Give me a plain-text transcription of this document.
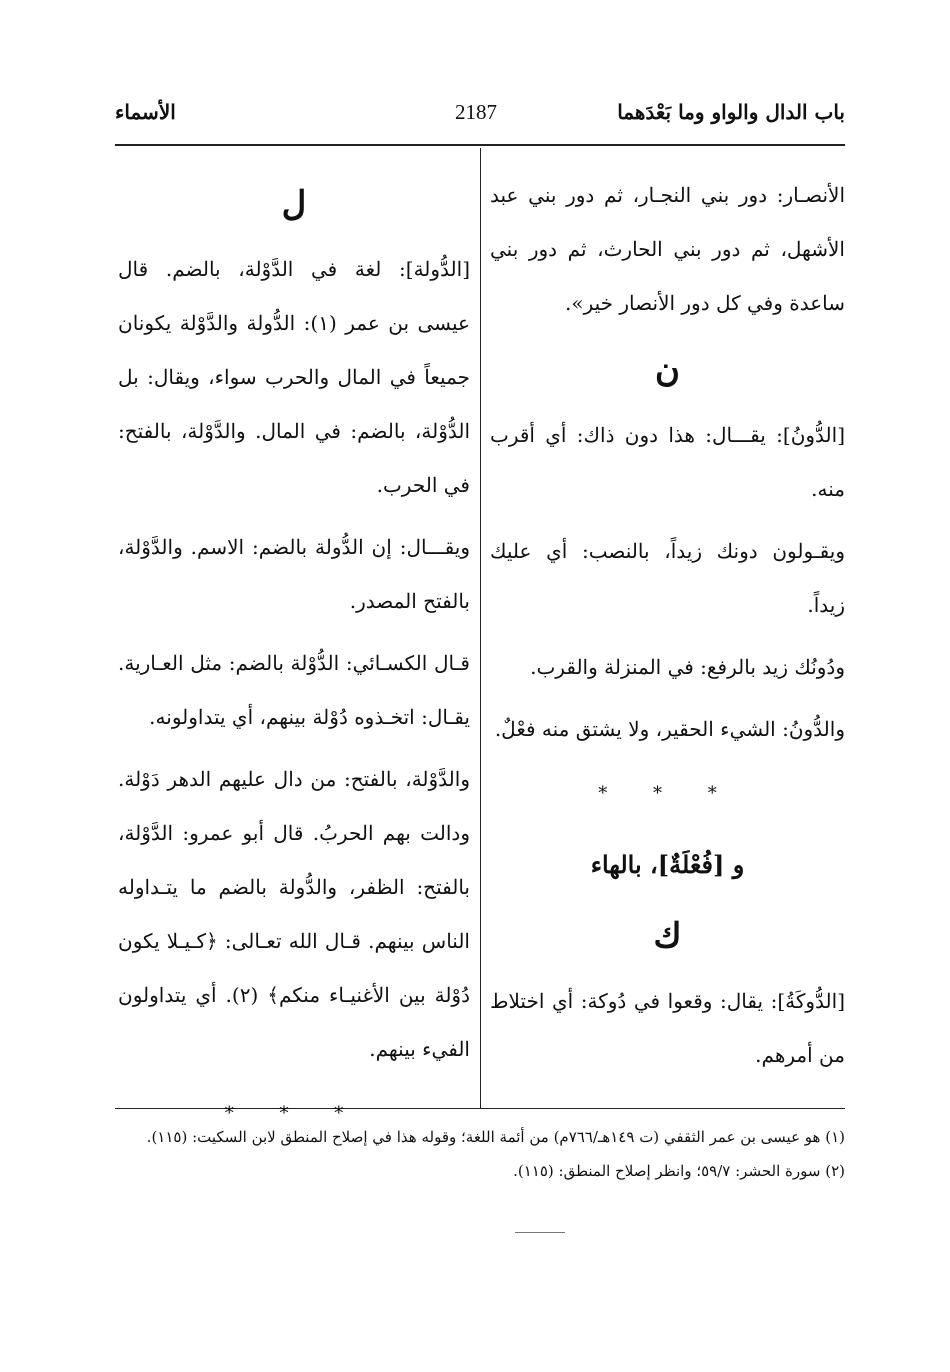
باب الدال والواو وما بَعْدَهما
2187
الأسماء

الأنصـار: دور بني النجـار، ثم دور بني عبد الأشهل، ثم دور بني الحارث، ثم دور بني ساعدة وفي كل دور الأنصار خير».

ن

[الدُّونُ]: يقـــال: هذا دون ذاك: أي أقرب منه.

ويقـولون دونك زيداً، بالنصب: أي عليك زيداً.

ودُونُك زيد بالرفع: في المنزلة والقرب.

والدُّونُ: الشيء الحقير، ولا يشتق منه فعْلٌ.

* * *
و [فُعْلَةٌ]، بالهاء
ك

[الدُّوكَةُ]: يقال: وقعوا في دُوكة: أي اختلاط من أمرهم.

ل

[الدُّولة]: لغة في الدَّوْلة، بالضم. قال عيسى بن عمر (١): الدُّولة والدَّوْلة يكونان جميعاً في المال والحرب سواء، ويقال: بل الدُّوْلة، بالضم: في المال. والدَّوْلة، بالفتح: في الحرب.

ويقـــال: إن الدُّولة بالضم: الاسم. والدَّوْلة، بالفتح المصدر.

قـال الكسـائي: الدُّوْلة بالضم: مثل العـارية. يقـال: اتخـذوه دُوْلة بينهم، أي يتداولونه.

والدَّوْلة، بالفتح: من دال عليهم الدهر دَوْلة. ودالت بهم الحربُ. قال أبو عمرو: الدَّوْلة، بالفتح: الظفر، والدُّولة بالضم ما يتـداوله الناس بينهم. قـال الله تعـالى: ﴿كـيـلا يكون دُوْلة بين الأغنيـاء منكم﴾ (٢). أي يتداولون الفيء بينهم.

* * *

(١) هو عيسى بن عمر الثقفي (ت ١٤٩هـ/٧٦٦م) من أئمة اللغة؛ وقوله هذا في إصلاح المنطق لابن السكيت: (١١٥).

(٢) سورة الحشر: ٥٩/٧؛ وانظر إصلاح المنطق: (١١٥).
